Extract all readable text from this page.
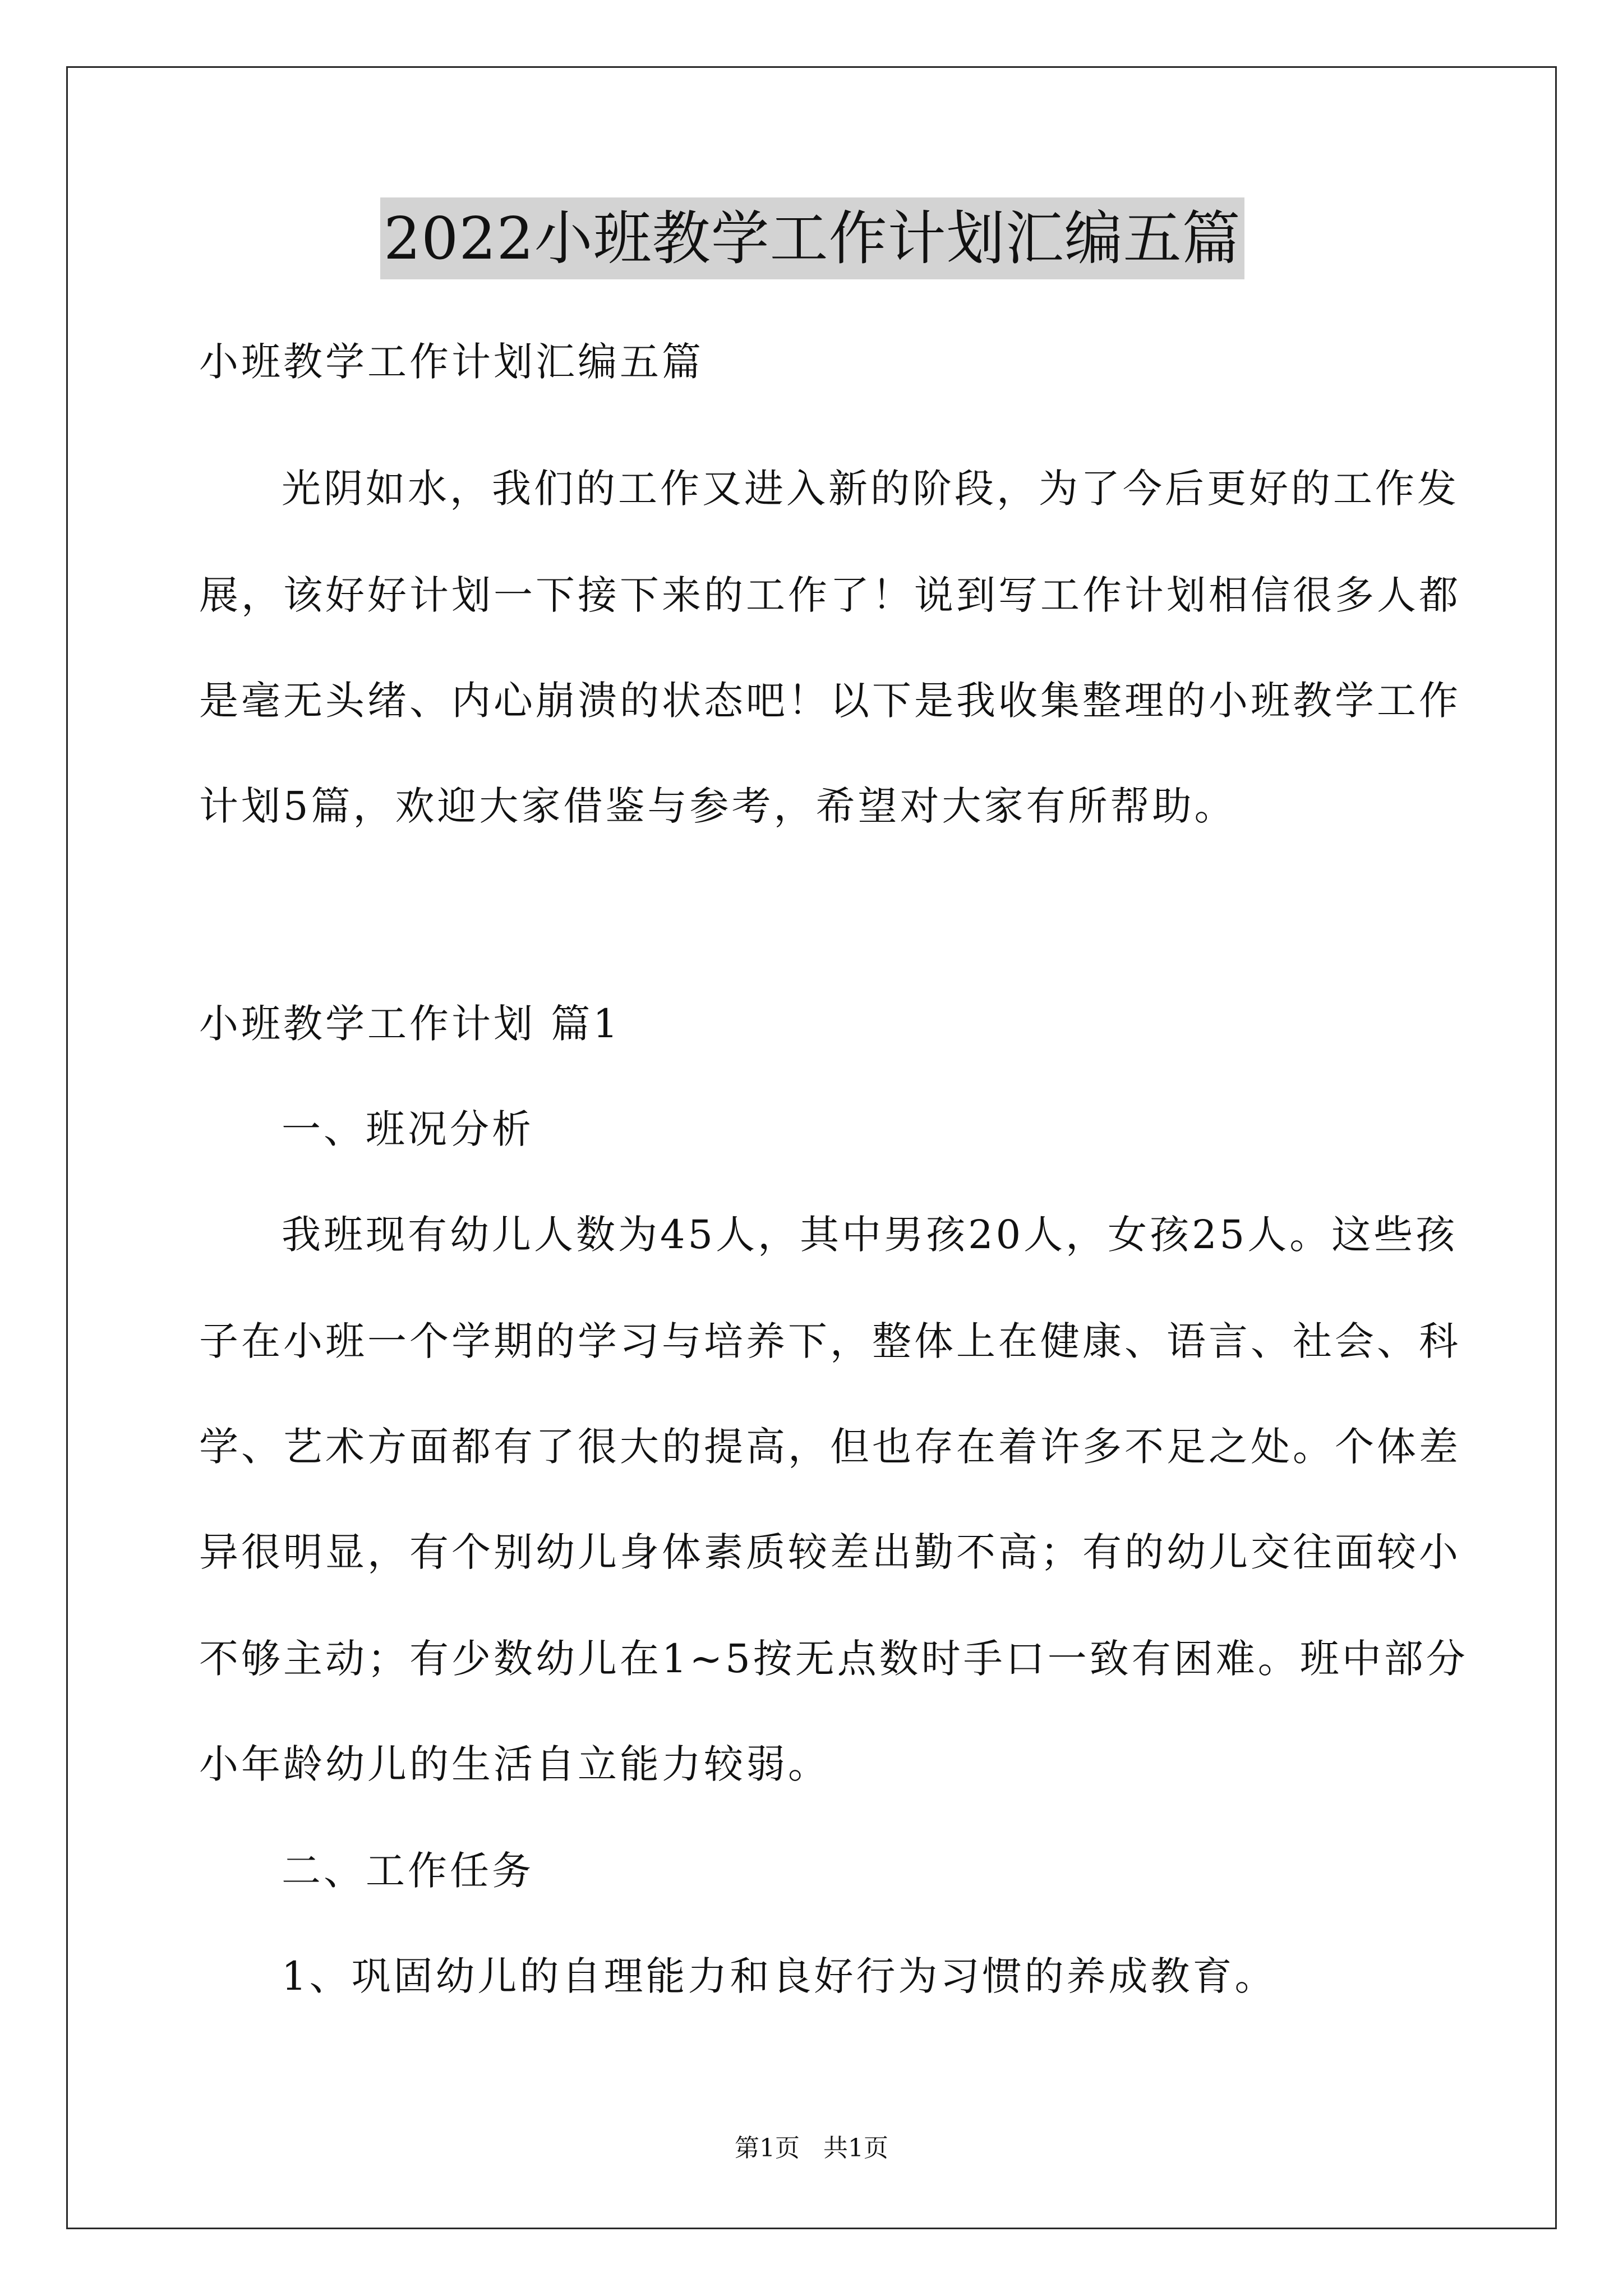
2022小班教学工作计划汇编五篇
小班教学工作计划汇编五篇
光阴如水，我们的工作又进入新的阶段，为了今后更好的工作发
展，该好好计划一下接下来的工作了！说到写工作计划相信很多人都
是毫无头绪、内心崩溃的状态吧！以下是我收集整理的小班教学工作
计划5篇，欢迎大家借鉴与参考，希望对大家有所帮助。
小班教学工作计划 篇1
一、班况分析
我班现有幼儿人数为45人，其中男孩20人，女孩25人。这些孩
子在小班一个学期的学习与培养下，整体上在健康、语言、社会、科
学、艺术方面都有了很大的提高，但也存在着许多不足之处。个体差
异很明显，有个别幼儿身体素质较差出勤不高；有的幼儿交往面较小
不够主动；有少数幼儿在1~5按无点数时手口一致有困难。班中部分
小年龄幼儿的生活自立能力较弱。
二、工作任务
1、巩固幼儿的自理能力和良好行为习惯的养成教育。
第1页 共1页
